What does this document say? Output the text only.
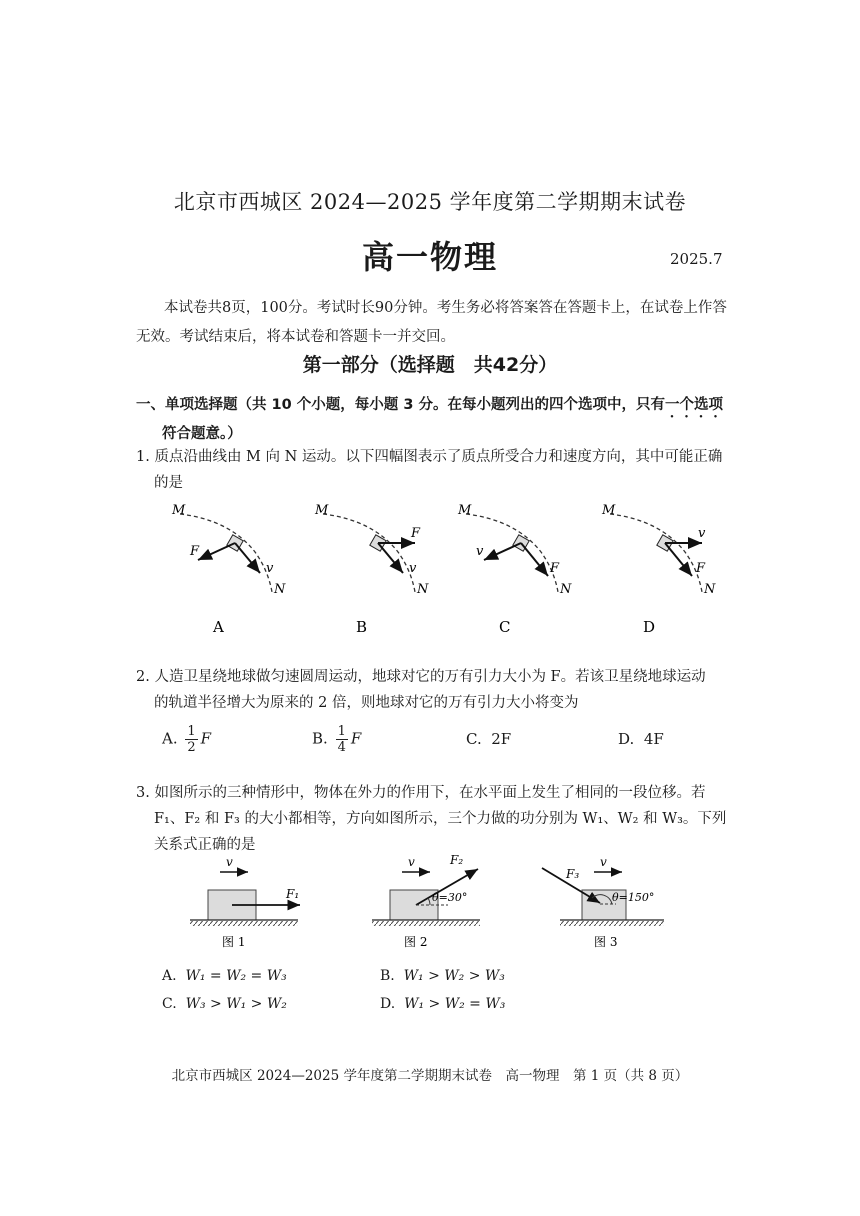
北京市西城区 2024—2025 学年度第二学期期末试卷
高一物理	2025.7
本试卷共8页，100分。考试时长90分钟。考生务必将答案答在答题卡上，在试卷上作答无效。考试结束后，将本试卷和答题卡一并交回。
第一部分（选择题　共42分）
一、单项选择题（共 10 个小题，每小题 3 分。在每小题列出的四个选项中，只有一个选项
符合题意。）
1. 质点沿曲线由 M 向 N 运动。以下四幅图表示了质点所受合力和速度方向，其中可能正确
的是
M
N
F
v
A
M
N
F
v
B
M
N
F
v
C
M
N
F
v
D
2. 人造卫星绕地球做匀速圆周运动，地球对它的万有引力大小为 F。若该卫星绕地球运动
的轨道半径增大为原来的 2 倍，则地球对它的万有引力大小将变为
A. $\frac{1}{2}$ F	B. $\frac{1}{4}$ F	C. 2F	D. 4F
3. 如图所示的三种情形中，物体在外力的作用下，在水平面上发生了相同的一段位移。若
F₁、F₂ 和 F₃ 的大小都相等，方向如图所示，三个力做的功分别为 W₁、W₂ 和 W₃。下列
关系式正确的是
v
F₁
图 1
v
θ=30°
F₂
图 2
v
θ=150°
F₃
图 3
A. W₁ = W₂ = W₃	B. W₁ > W₂ > W₃
C. W₃ > W₁ > W₂	D. W₁ > W₂ = W₃
北京市西城区 2024—2025 学年度第二学期期末试卷　高一物理　第 1 页（共 8 页）
